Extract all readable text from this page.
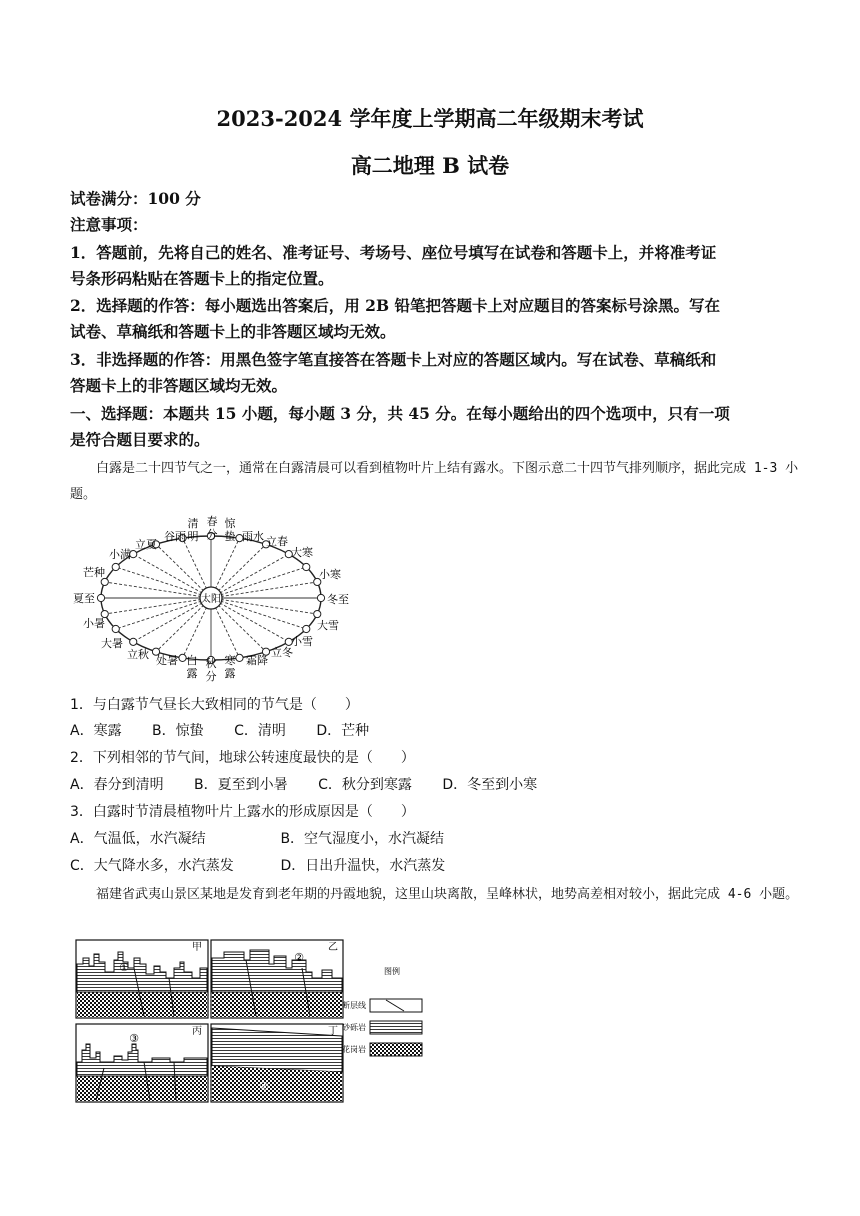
2023-2024 学年度上学期高二年级期末考试
高二地理 B 试卷
试卷满分：100 分
注意事项：
1．答题前，先将自己的姓名、准考证号、考场号、座位号填写在试卷和答题卡上，并将准考证
号条形码粘贴在答题卡上的指定位置。
2．选择题的作答：每小题选出答案后，用 2B 铅笔把答题卡上对应题目的答案标号涂黑。写在
试卷、草稿纸和答题卡上的非答题区域均无效。
3．非选择题的作答：用黑色签字笔直接答在答题卡上对应的答题区域内。写在试卷、草稿纸和
答题卡上的非答题区域均无效。
一、选择题：本题共 15 小题，每小题 3 分，共 45 分。在每小题给出的四个选项中，只有一项
是符合题目要求的。
白露是二十四节气之一，通常在白露清晨可以看到植物叶片上结有露水。下图示意二十四节气排列顺序，据此完成 1-3 小题。
太阳
清
明
春
分
惊
蛰
谷雨	雨水
立夏	立春
小满	大寒
芒种	小寒
夏至	冬至
小暑	大雪
大暑	小雪
立秋	立冬
处暑	霜降
白
露
秋
分
寒
露
1．与白露节气昼长大致相同的节气是（　　）
A．寒露 B．惊蛰 C．清明 D．芒种
2．下列相邻的节气间，地球公转速度最快的是（　　）
A．春分到清明 B．夏至到小暑 C．秋分到寒露 D．冬至到小寒
3．白露时节清晨植物叶片上露水的形成原因是（　　）
A．气温低，水汽凝结	B．空气湿度小，水汽凝结
C．大气降水多，水汽蒸发	D．日出升温快，水汽蒸发
福建省武夷山景区某地是发育到老年期的丹霞地貌，这里山块离散，呈峰林状，地势高差相对较小，据此完成 4-6 小题。
甲
①
乙
②
丙
③
丁
④
图例
断层线
砂砾岩
花岗岩
